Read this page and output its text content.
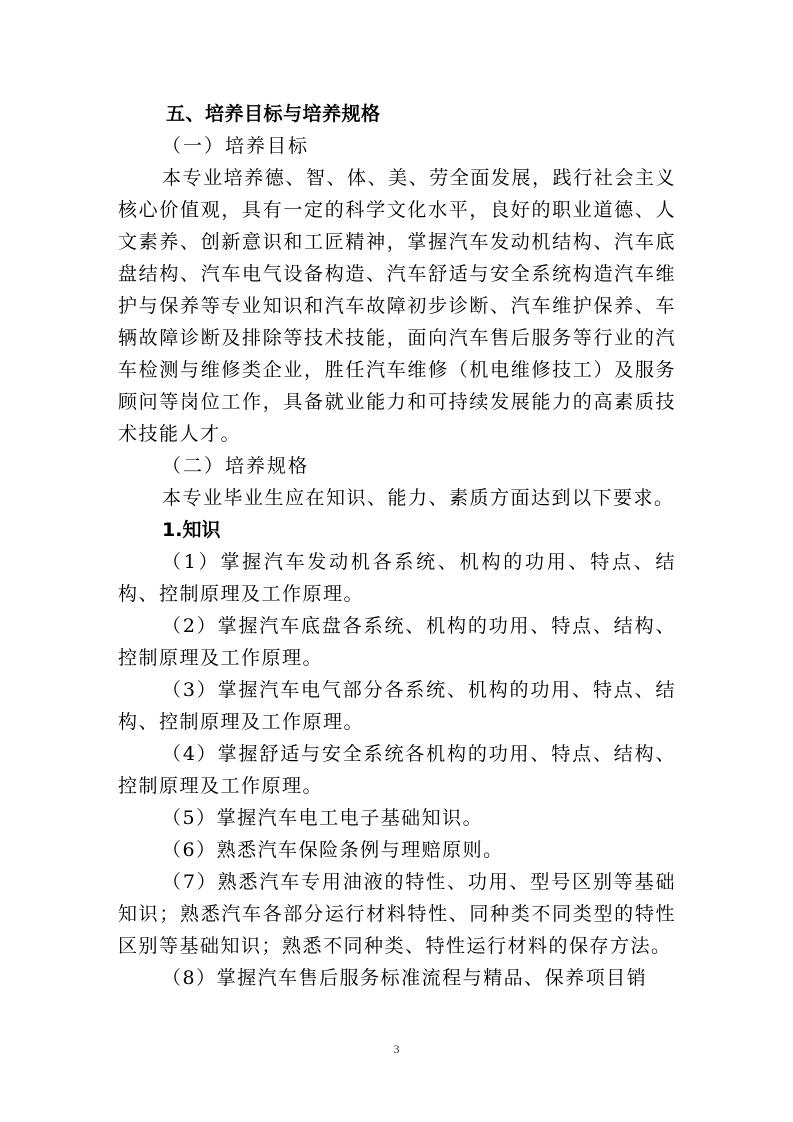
五、培养目标与培养规格
（一）培养目标

本专业培养德、智、体、美、劳全面发展，践行社会主义核心价值观，具有一定的科学文化水平，良好的职业道德、人文素养、创新意识和工匠精神，掌握汽车发动机结构、汽车底盘结构、汽车电气设备构造、汽车舒适与安全系统构造汽车维护与保养等专业知识和汽车故障初步诊断、汽车维护保养、车辆故障诊断及排除等技术技能，面向汽车售后服务等行业的汽车检测与维修类企业，胜任汽车维修（机电维修技工）及服务顾问等岗位工作，具备就业能力和可持续发展能力的高素质技术技能人才。

（二）培养规格

本专业毕业生应在知识、能力、素质方面达到以下要求。

1.知识

（1）掌握汽车发动机各系统、机构的功用、特点、结构、控制原理及工作原理。

（2）掌握汽车底盘各系统、机构的功用、特点、结构、控制原理及工作原理。

（3）掌握汽车电气部分各系统、机构的功用、特点、结构、控制原理及工作原理。

（4）掌握舒适与安全系统各机构的功用、特点、结构、控制原理及工作原理。

（5）掌握汽车电工电子基础知识。

（6）熟悉汽车保险条例与理赔原则。

（7）熟悉汽车专用油液的特性、功用、型号区别等基础知识；熟悉汽车各部分运行材料特性、同种类不同类型的特性区别等基础知识；熟悉不同种类、特性运行材料的保存方法。

（8）掌握汽车售后服务标准流程与精品、保养项目销

3
